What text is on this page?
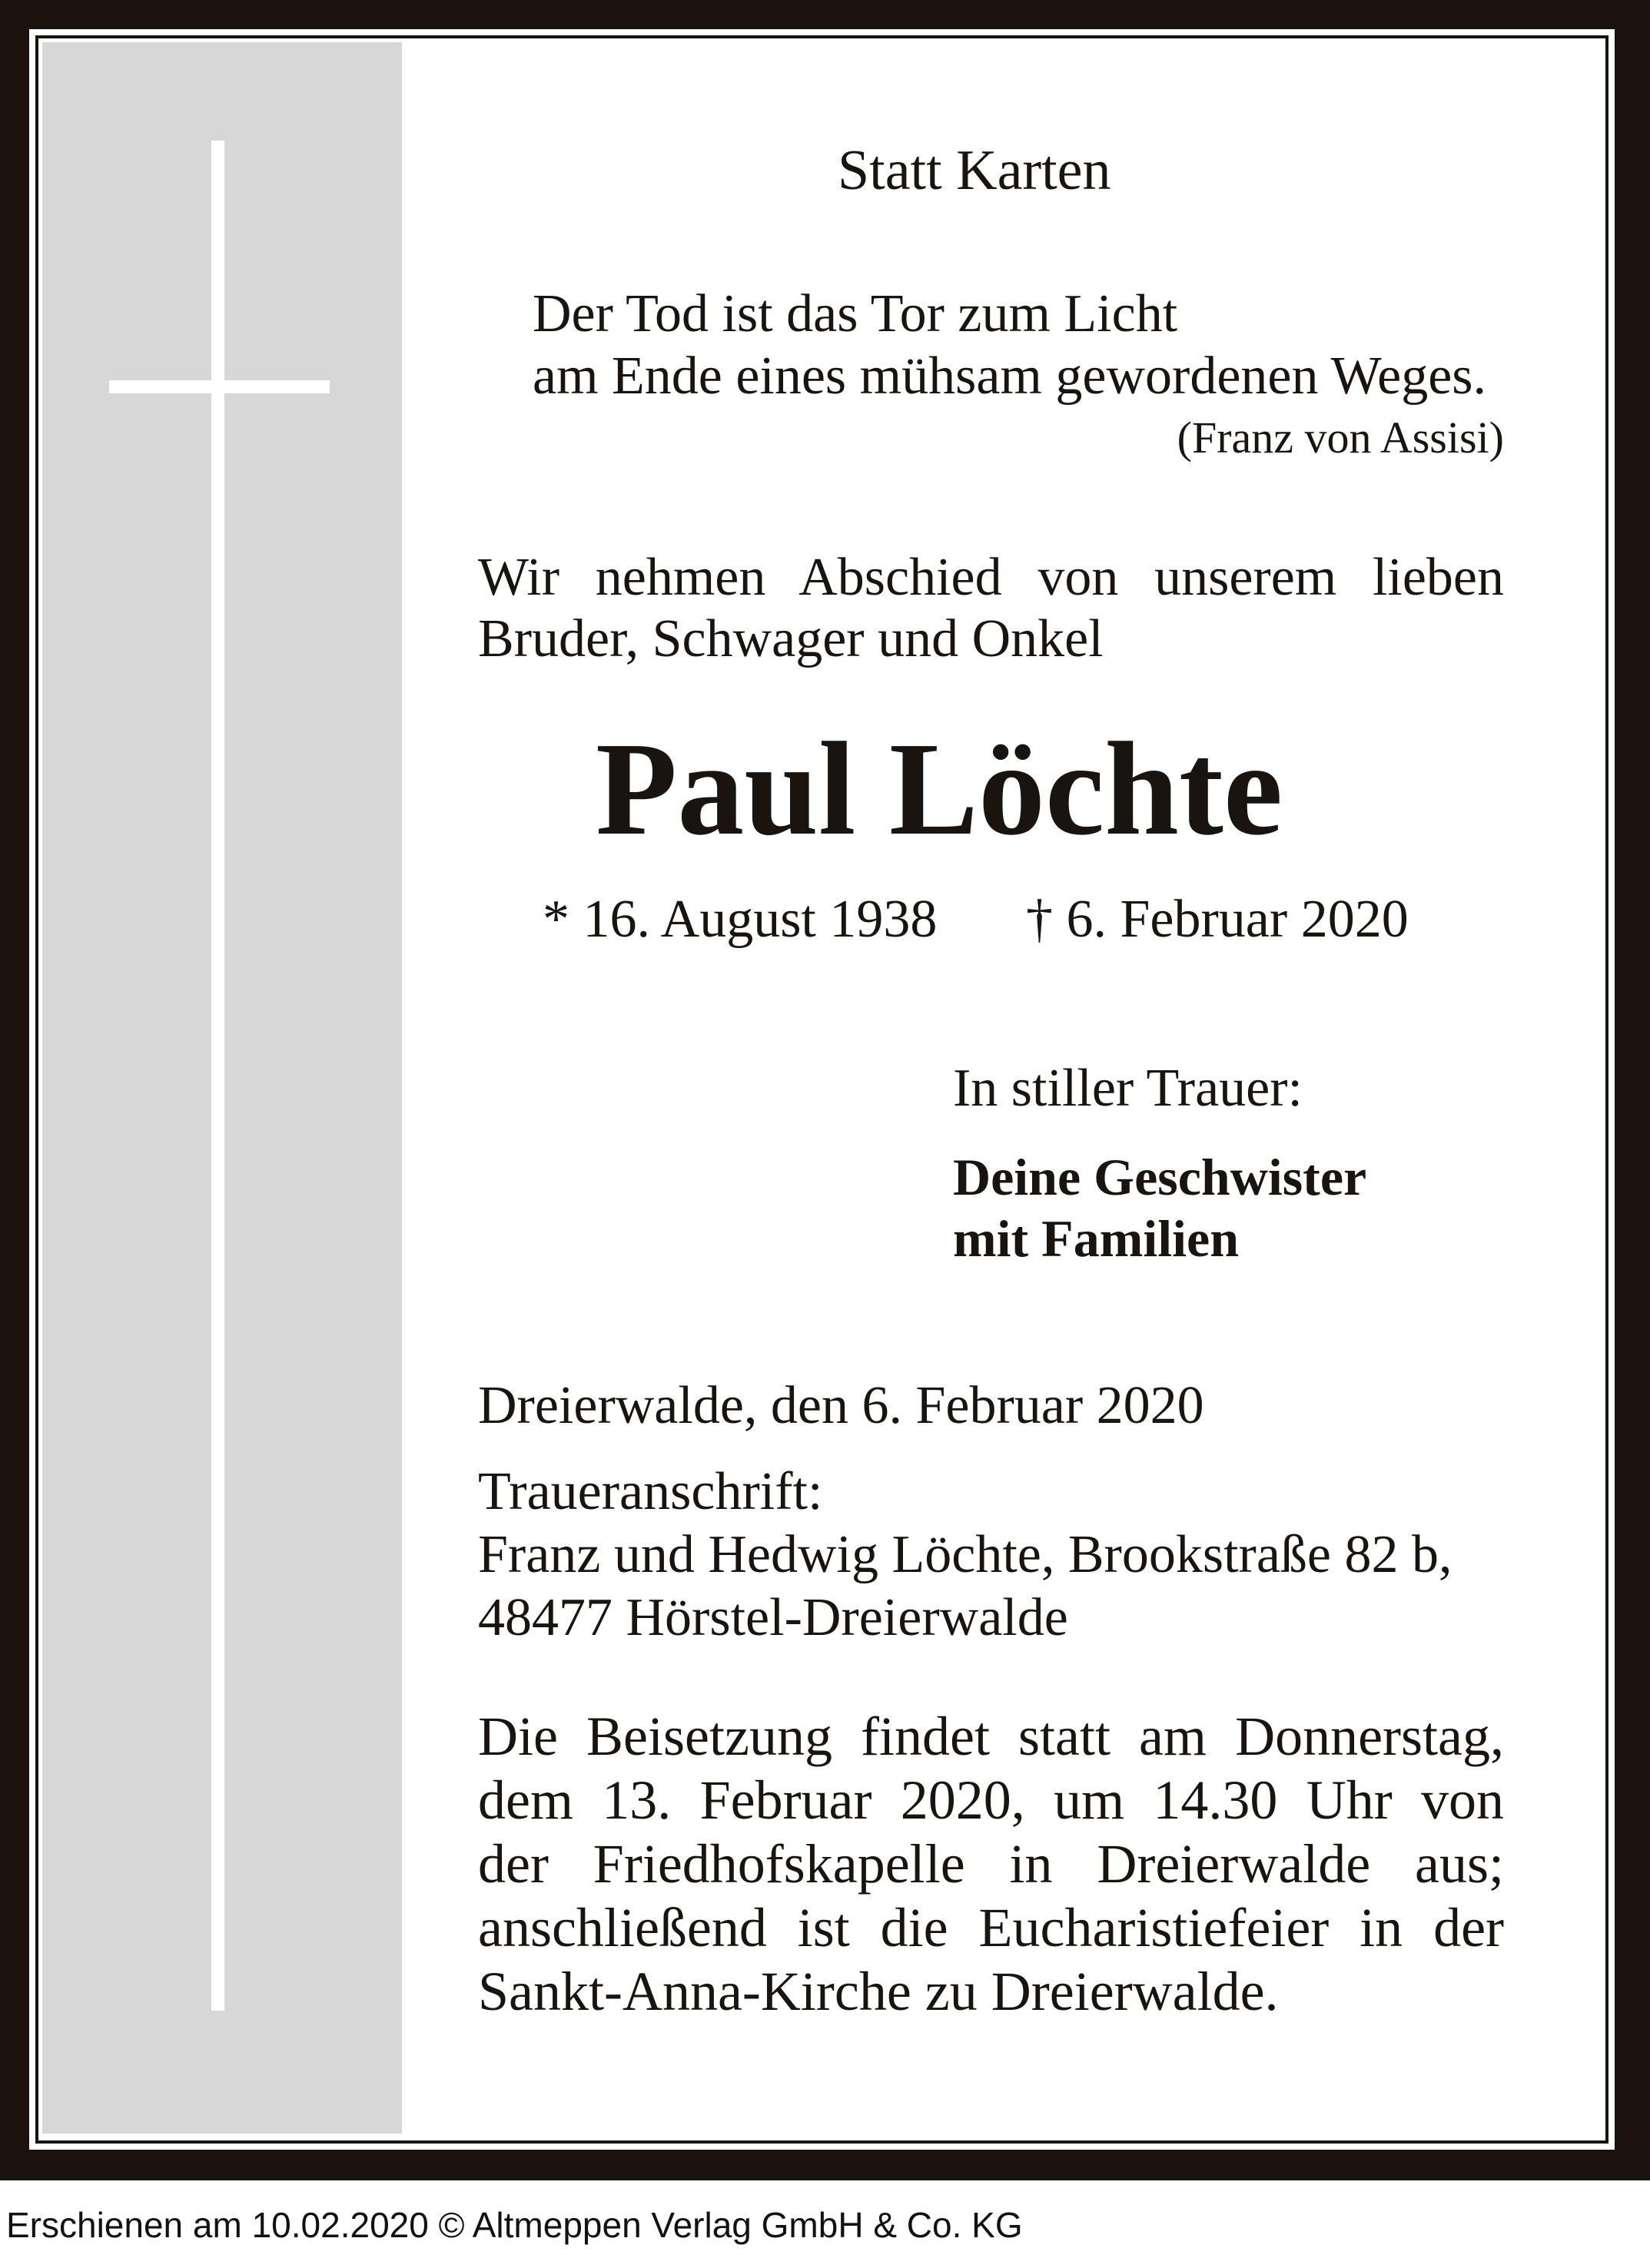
Statt Karten

Der Tod ist das Tor zum Licht

am Ende eines mühsam gewordenen Weges.

(Franz von Assisi)

Wir nehmen Abschied von unserem lieben

Bruder, Schwager und Onkel

Paul Löchte

* 16. August 1938 † 6. Februar 2020

In stiller Trauer:

Deine Geschwister

mit Familien

Dreierwalde, den 6. Februar 2020

Traueranschrift:

Franz und Hedwig Löchte, Brookstraße 82 b,

48477 Hörstel-Dreierwalde

Die Beisetzung findet statt am Donnerstag,

dem 13. Februar 2020, um 14.30 Uhr von

der Friedhofskapelle in Dreierwalde aus;

anschließend ist die Eucharistiefeier in der

Sankt-Anna-Kirche zu Dreierwalde.

Erschienen am 10.02.2020 © Altmeppen Verlag GmbH & Co. KG
